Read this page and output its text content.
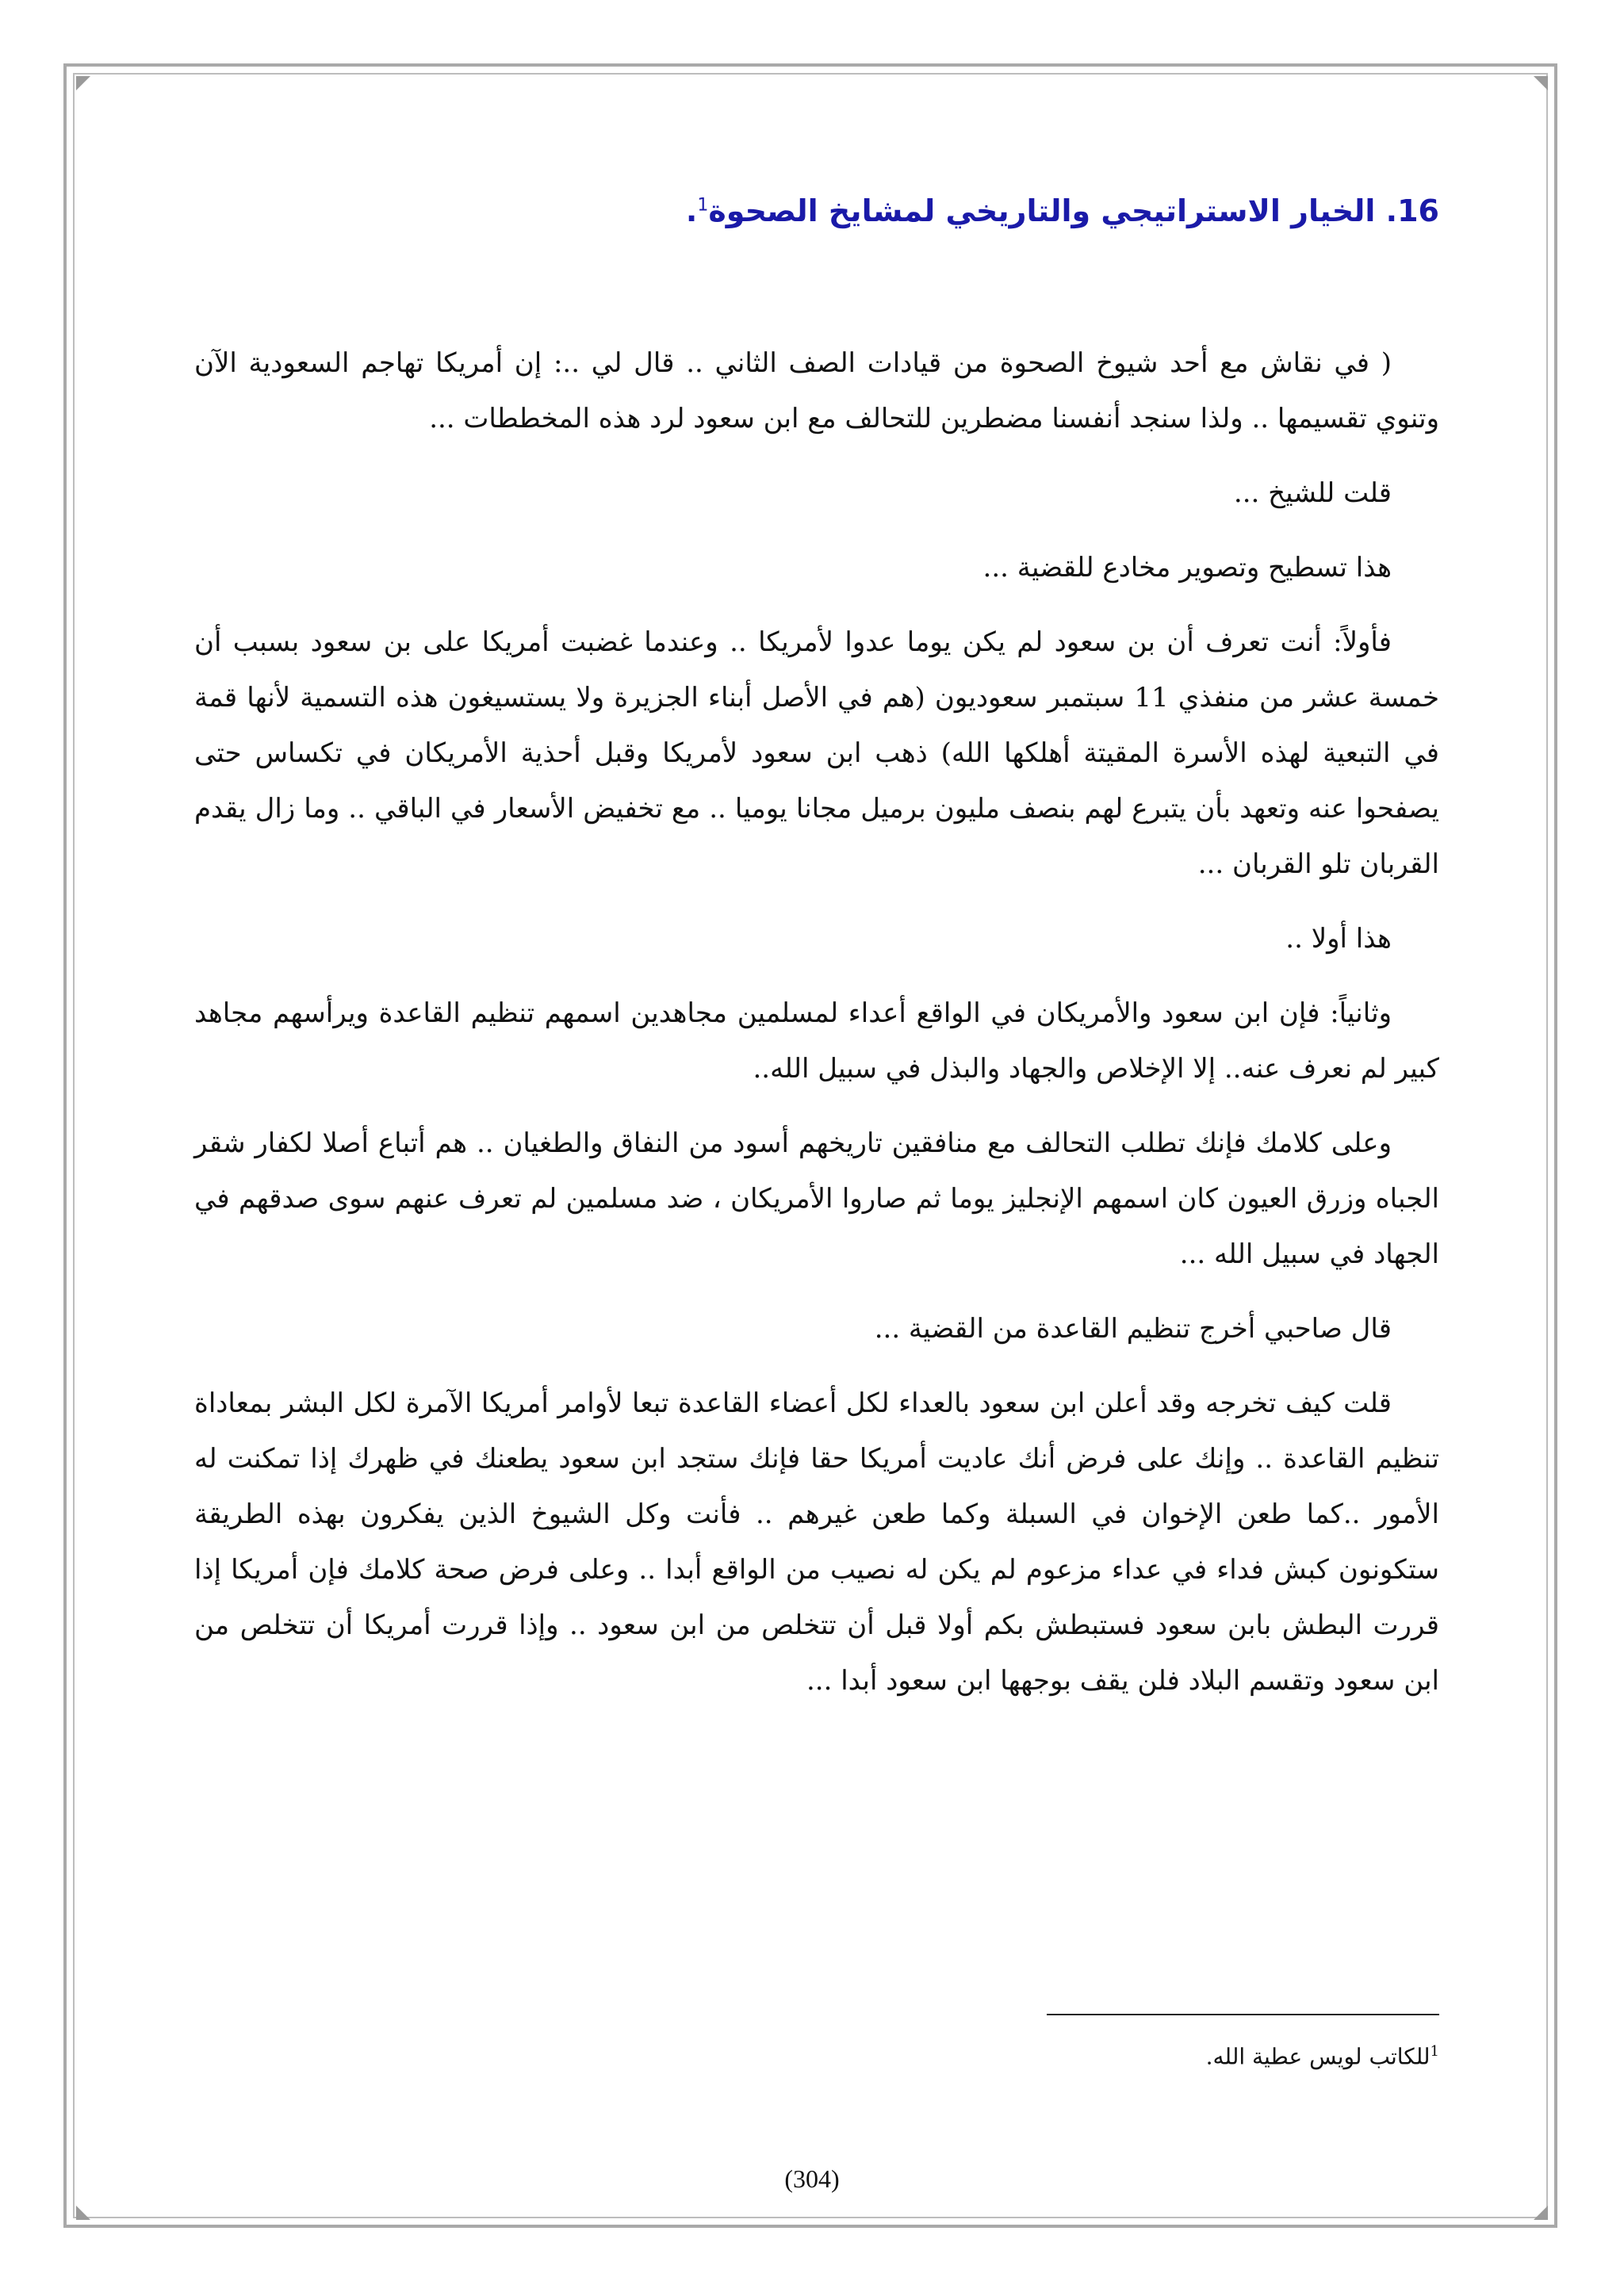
16. الخيار الاستراتيجي والتاريخي لمشايخ الصحوة$^1$.

( في نقاش مع أحد شيوخ الصحوة من قيادات الصف الثاني .. قال لي ..: إن أمريكا تهاجم السعودية الآن وتنوي تقسيمها .. ولذا سنجد أنفسنا مضطرين للتحالف مع ابن سعود لرد هذه المخططات ...

قلت للشيخ ...

هذا تسطيح وتصوير مخادع للقضية ...

فأولاً: أنت تعرف أن بن سعود لم يكن يوما عدوا لأمريكا .. وعندما غضبت أمريكا على بن سعود بسبب أن خمسة عشر من منفذي 11 سبتمبر سعوديون (هم في الأصل أبناء الجزيرة ولا يستسيغون هذه التسمية لأنها قمة في التبعية لهذه الأسرة المقيتة أهلكها الله) ذهب ابن سعود لأمريكا وقبل أحذية الأمريكان في تكساس حتى يصفحوا عنه وتعهد بأن يتبرع لهم بنصف مليون برميل مجانا يوميا .. مع تخفيض الأسعار في الباقي .. وما زال يقدم القربان تلو القربان ...

هذا أولا ..

وثانياً: فإن ابن سعود والأمريكان في الواقع أعداء لمسلمين مجاهدين اسمهم تنظيم القاعدة ويرأسهم مجاهد كبير لم نعرف عنه.. إلا الإخلاص والجهاد والبذل في سبيل الله..

وعلى كلامك فإنك تطلب التحالف مع منافقين تاريخهم أسود من النفاق والطغيان .. هم أتباع أصلا لكفار شقر الجباه وزرق العيون كان اسمهم الإنجليز يوما ثم صاروا الأمريكان ، ضد مسلمين لم تعرف عنهم سوى صدقهم في الجهاد في سبيل الله ...

قال صاحبي أخرج تنظيم القاعدة من القضية ...

قلت كيف تخرجه وقد أعلن ابن سعود بالعداء لكل أعضاء القاعدة تبعا لأوامر أمريكا الآمرة لكل البشر بمعاداة تنظيم القاعدة .. وإنك على فرض أنك عاديت أمريكا حقا فإنك ستجد ابن سعود يطعنك في ظهرك إذا تمكنت له الأمور ..كما طعن الإخوان في السبلة وكما طعن غيرهم .. فأنت وكل الشيوخ الذين يفكرون بهذه الطريقة ستكونون كبش فداء في عداء مزعوم لم يكن له نصيب من الواقع أبدا .. وعلى فرض صحة كلامك فإن أمريكا إذا قررت البطش بابن سعود فستبطش بكم أولا قبل أن تتخلص من ابن سعود .. وإذا قررت أمريكا أن تتخلص من ابن سعود وتقسم البلاد فلن يقف بوجهها ابن سعود أبدا ...

$^1$للكاتب لويس عطية الله.
(304)
